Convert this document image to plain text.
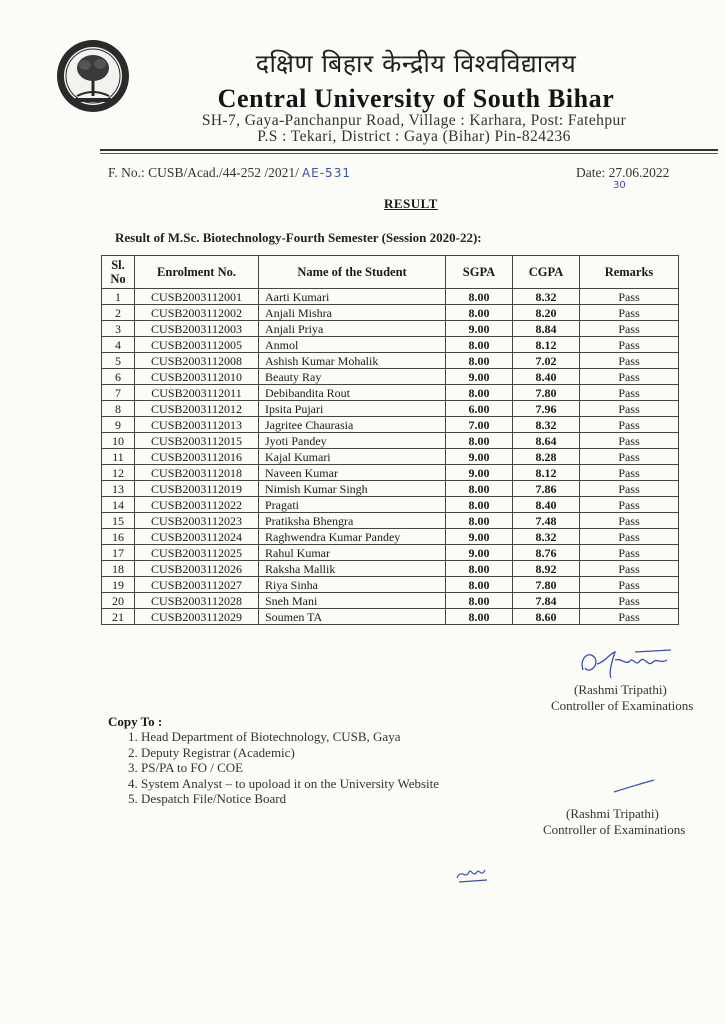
दक्षिण बिहार केन्द्रीय विश्वविद्यालय
Central University of South Bihar
SH-7, Gaya-Panchanpur Road, Village : Karhara, Post: Fatehpur
P.S : Tekari, District : Gaya (Bihar) Pin-824236
F. No.: CUSB/Acad./44-252 /2021/ AE-531	Date: 27.06.2022
30
RESULT
Result of M.Sc. Biotechnology-Fourth Semester (Session 2020-22):
Sl. No	Enrolment No.	Name of the Student	SGPA	CGPA	Remarks
1	CUSB2003112001	Aarti Kumari	8.00	8.32	Pass
2	CUSB2003112002	Anjali Mishra	8.00	8.20	Pass
3	CUSB2003112003	Anjali Priya	9.00	8.84	Pass
4	CUSB2003112005	Anmol	8.00	8.12	Pass
5	CUSB2003112008	Ashish Kumar Mohalik	8.00	7.02	Pass
6	CUSB2003112010	Beauty Ray	9.00	8.40	Pass
7	CUSB2003112011	Debibandita Rout	8.00	7.80	Pass
8	CUSB2003112012	Ipsita Pujari	6.00	7.96	Pass
9	CUSB2003112013	Jagritee Chaurasia	7.00	8.32	Pass
10	CUSB2003112015	Jyoti Pandey	8.00	8.64	Pass
11	CUSB2003112016	Kajal Kumari	9.00	8.28	Pass
12	CUSB2003112018	Naveen Kumar	9.00	8.12	Pass
13	CUSB2003112019	Nimish Kumar Singh	8.00	7.86	Pass
14	CUSB2003112022	Pragati	8.00	8.40	Pass
15	CUSB2003112023	Pratiksha Bhengra	8.00	7.48	Pass
16	CUSB2003112024	Raghwendra Kumar Pandey	9.00	8.32	Pass
17	CUSB2003112025	Rahul Kumar	9.00	8.76	Pass
18	CUSB2003112026	Raksha Mallik	8.00	8.92	Pass
19	CUSB2003112027	Riya Sinha	8.00	7.80	Pass
20	CUSB2003112028	Sneh Mani	8.00	7.84	Pass
21	CUSB2003112029	Soumen TA	8.00	8.60	Pass
(Rashmi Tripathi)
Controller of Examinations
Copy To :
1. Head Department of Biotechnology, CUSB, Gaya
2. Deputy Registrar (Academic)
3. PS/PA to FO / COE
4. System Analyst – to upoload it on the University Website
5. Despatch File/Notice Board
(Rashmi Tripathi)
Controller of Examinations
